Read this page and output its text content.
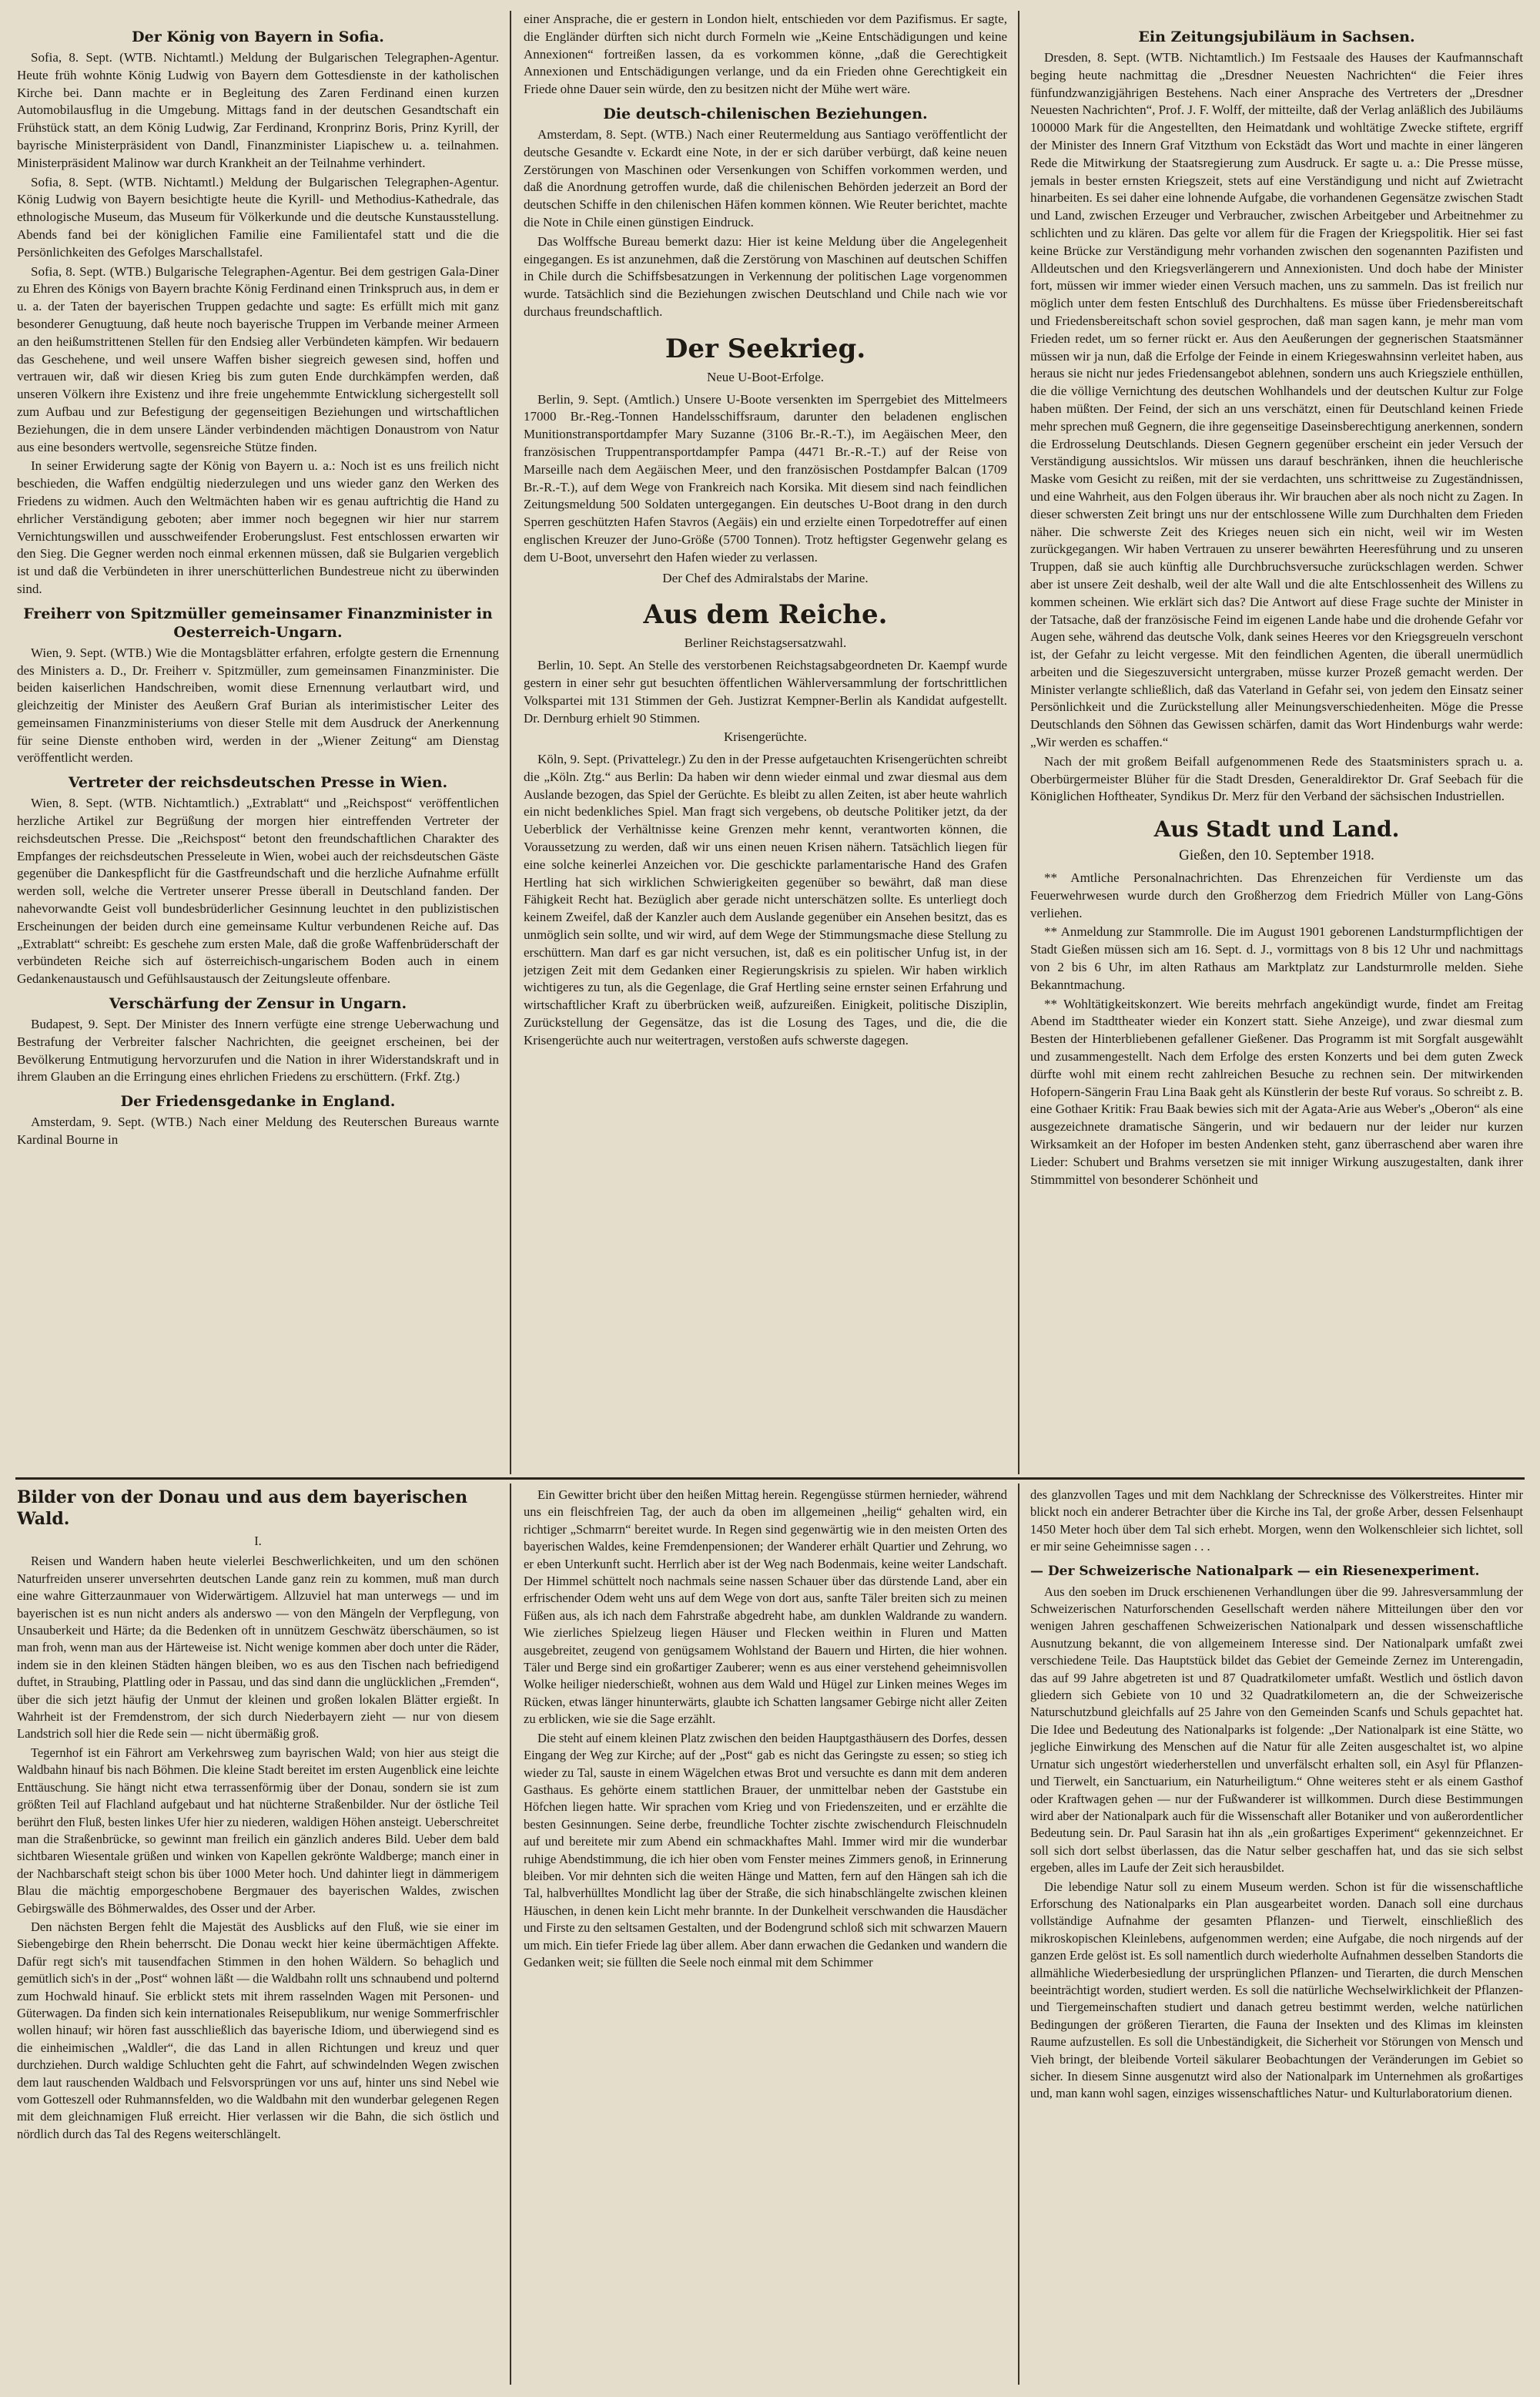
Der König von Bayern in Sofia.

Sofia, 8. Sept. (WTB. Nichtamtl.) Meldung der Bulgarischen Telegraphen-Agentur. Heute früh wohnte König Ludwig von Bayern dem Gottesdienste in der katholischen Kirche bei. Dann machte er in Begleitung des Zaren Ferdinand einen kurzen Automobilausflug in die Umgebung. Mittags fand in der deutschen Gesandtschaft ein Frühstück statt, an dem König Ludwig, Zar Ferdinand, Kronprinz Boris, Prinz Kyrill, der bayrische Ministerpräsident von Dandl, Finanzminister Liapischew u. a. teilnahmen. Ministerpräsident Malinow war durch Krankheit an der Teilnahme verhindert.

Sofia, 8. Sept. (WTB. Nichtamtl.) Meldung der Bulgarischen Telegraphen-Agentur. König Ludwig von Bayern besichtigte heute die Kyrill- und Methodius-Kathedrale, das ethnologische Museum, das Museum für Völkerkunde und die deutsche Kunstausstellung. Abends fand bei der königlichen Familie eine Familientafel statt und die die Persönlichkeiten des Gefolges Marschallstafel.

Sofia, 8. Sept. (WTB.) Bulgarische Telegraphen-Agentur. Bei dem gestrigen Gala-Diner zu Ehren des Königs von Bayern brachte König Ferdinand einen Trinkspruch aus, in dem er u. a. der Taten der bayerischen Truppen gedachte und sagte: Es erfüllt mich mit ganz besonderer Genugtuung, daß heute noch bayerische Truppen im Verbande meiner Armeen an den heißumstrittenen Stellen für den Endsieg aller Verbündeten kämpfen. Wir bedauern das Geschehene, und weil unsere Waffen bisher siegreich gewesen sind, hoffen und vertrauen wir, daß wir diesen Krieg bis zum guten Ende durchkämpfen werden, daß unseren Völkern ihre Existenz und ihre freie ungehemmte Entwicklung sichergestellt soll zum Aufbau und zur Befestigung der gegenseitigen Beziehungen und wirtschaftlichen Beziehungen, die in dem unsere Länder verbindenden mächtigen Donaustrom von Natur aus eine besonders wertvolle, segensreiche Stütze finden.

In seiner Erwiderung sagte der König von Bayern u. a.: Noch ist es uns freilich nicht beschieden, die Waffen endgültig niederzulegen und uns wieder ganz den Werken des Friedens zu widmen. Auch den Weltmächten haben wir es genau auftrichtig die Hand zu ehrlicher Verständigung geboten; aber immer noch begegnen wir hier nur starrem Vernichtungswillen und ausschweifender Eroberungslust. Fest entschlossen erwarten wir den Sieg. Die Gegner werden noch einmal erkennen müssen, daß sie Bulgarien vergeblich ist und daß die Verbündeten in ihrer unerschütterlichen Bundestreue nicht zu überwinden sind.

Freiherr von Spitzmüller gemeinsamer Finanzminister in Oesterreich-Ungarn.

Wien, 9. Sept. (WTB.) Wie die Montagsblätter erfahren, erfolgte gestern die Ernennung des Ministers a. D., Dr. Freiherr v. Spitzmüller, zum gemeinsamen Finanzminister. Die beiden kaiserlichen Handschreiben, womit diese Ernennung verlautbart wird, und gleichzeitig der Minister des Aeußern Graf Burian als interimistischer Leiter des gemeinsamen Finanzministeriums von dieser Stelle mit dem Ausdruck der Anerkennung für seine Dienste enthoben wird, werden in der „Wiener Zeitung“ am Dienstag veröffentlicht werden.

Vertreter der reichsdeutschen Presse in Wien.

Wien, 8. Sept. (WTB. Nichtamtlich.) „Extrablatt“ und „Reichspost“ veröffentlichen herzliche Artikel zur Begrüßung der morgen hier eintreffenden Vertreter der reichsdeutschen Presse. Die „Reichspost“ betont den freundschaftlichen Charakter des Empfanges der reichsdeutschen Presseleute in Wien, wobei auch der reichsdeutschen Gäste gegenüber die Dankespflicht für die Gastfreundschaft und die herzliche Aufnahme erfüllt werden soll, welche die Vertreter unserer Presse überall in Deutschland fanden. Der nahevorwandte Geist voll bundesbrüderlicher Gesinnung leuchtet in den publizistischen Erscheinungen der beiden durch eine gemeinsame Kultur verbundenen Reiche auf. Das „Extrablatt“ schreibt: Es geschehe zum ersten Male, daß die große Waffenbrüderschaft der verbündeten Reiche sich auf österreichisch-ungarischem Boden auch in einem Gedankenaustausch und Gefühlsaustausch der Zeitungsleute offenbare.

Verschärfung der Zensur in Ungarn.

Budapest, 9. Sept. Der Minister des Innern verfügte eine strenge Ueberwachung und Bestrafung der Verbreiter falscher Nachrichten, die geeignet erscheinen, bei der Bevölkerung Entmutigung hervorzurufen und die Nation in ihrer Widerstandskraft und in ihrem Glauben an die Erringung eines ehrlichen Friedens zu erschüttern. (Frkf. Ztg.)

Der Friedensgedanke in England.

Amsterdam, 9. Sept. (WTB.) Nach einer Meldung des Reuterschen Bureaus warnte Kardinal Bourne in

einer Ansprache, die er gestern in London hielt, entschieden vor dem Pazifismus. Er sagte, die Engländer dürften sich nicht durch Formeln wie „Keine Entschädigungen und keine Annexionen“ fortreißen lassen, da es vorkommen könne, „daß die Gerechtigkeit Annexionen und Entschädigungen verlange, und da ein Frieden ohne Gerechtigkeit ein Friede ohne Dauer sein würde, den zu besitzen nicht der Mühe wert wäre.

Die deutsch-chilenischen Beziehungen.

Amsterdam, 8. Sept. (WTB.) Nach einer Reutermeldung aus Santiago veröffentlicht der deutsche Gesandte v. Eckardt eine Note, in der er sich darüber verbürgt, daß keine neuen Zerstörungen von Maschinen oder Versenkungen von Schiffen vorkommen werden, und daß die Anordnung getroffen wurde, daß die chilenischen Behörden jederzeit an Bord der deutschen Schiffe in den chilenischen Häfen kommen können. Wie Reuter berichtet, machte die Note in Chile einen günstigen Eindruck.

Das Wolffsche Bureau bemerkt dazu: Hier ist keine Meldung über die Angelegenheit eingegangen. Es ist anzunehmen, daß die Zerstörung von Maschinen auf deutschen Schiffen in Chile durch die Schiffsbesatzungen in Verkennung der politischen Lage vorgenommen wurde. Tatsächlich sind die Beziehungen zwischen Deutschland und Chile nach wie vor durchaus freundschaftlich.

Der Seekrieg.
Neue U-Boot-Erfolge.

Berlin, 9. Sept. (Amtlich.) Unsere U-Boote versenkten im Sperrgebiet des Mittelmeers 17000 Br.-Reg.-Tonnen Handelsschiffsraum, darunter den beladenen englischen Munitionstransportdampfer Mary Suzanne (3106 Br.-R.-T.), im Aegäischen Meer, den französischen Truppentransportdampfer Pampa (4471 Br.-R.-T.) auf der Reise von Marseille nach dem Aegäischen Meer, und den französischen Postdampfer Balcan (1709 Br.-R.-T.), auf dem Wege von Frankreich nach Korsika. Mit diesem sind nach feindlichen Zeitungsmeldung 500 Soldaten untergegangen. Ein deutsches U-Boot drang in den durch Sperren geschützten Hafen Stavros (Aegäis) ein und erzielte einen Torpedotreffer auf einen englischen Kreuzer der Juno-Größe (5700 Tonnen). Trotz heftigster Gegenwehr gelang es dem U-Boot, unversehrt den Hafen wieder zu verlassen.

Der Chef des Admiralstabs der Marine.
Aus dem Reiche.
Berliner Reichstagsersatzwahl.

Berlin, 10. Sept. An Stelle des verstorbenen Reichstagsabgeordneten Dr. Kaempf wurde gestern in einer sehr gut besuchten öffentlichen Wählerversammlung der fortschrittlichen Volkspartei mit 131 Stimmen der Geh. Justizrat Kempner-Berlin als Kandidat aufgestellt. Dr. Dernburg erhielt 90 Stimmen.

Krisengerüchte.

Köln, 9. Sept. (Privattelegr.) Zu den in der Presse aufgetauchten Krisengerüchten schreibt die „Köln. Ztg.“ aus Berlin: Da haben wir denn wieder einmal und zwar diesmal aus dem Auslande bezogen, das Spiel der Gerüchte. Es bleibt zu allen Zeiten, ist aber heute wahrlich ein nicht bedenkliches Spiel. Man fragt sich vergebens, ob deutsche Politiker jetzt, da der Ueberblick der Verhältnisse keine Grenzen mehr kennt, verantworten können, die Voraussetzung zu werden, daß wir uns einen neuen Krisen nähern. Tatsächlich liegen für eine solche keinerlei Anzeichen vor. Die geschickte parlamentarische Hand des Grafen Hertling hat sich wirklichen Schwierigkeiten gegenüber so bewährt, daß man diese Fähigkeit Recht hat. Bezüglich aber gerade nicht unterschätzen sollte. Es unterliegt doch keinem Zweifel, daß der Kanzler auch dem Auslande gegenüber ein Ansehen besitzt, das es unmöglich sein sollte, und wir wird, auf dem Wege der Stimmungsmache diese Stellung zu erschüttern. Man darf es gar nicht versuchen, ist, daß es ein politischer Unfug ist, in der jetzigen Zeit mit dem Gedanken einer Regierungskrisis zu spielen. Wir haben wirklich wichtigeres zu tun, als die Gegenlage, die Graf Hertling seine ernster seinen Erfahrung und wirtschaftlicher Kraft zu überbrücken weiß, aufzureißen. Einigkeit, politische Disziplin, Zurückstellung der Gegensätze, das ist die Losung des Tages, und die, die die Krisengerüchte auch nur weitertragen, verstoßen aufs schwerste dagegen.

Ein Zeitungsjubiläum in Sachsen.

Dresden, 8. Sept. (WTB. Nichtamtlich.) Im Festsaale des Hauses der Kaufmannschaft beging heute nachmittag die „Dresdner Neuesten Nachrichten“ die Feier ihres fünfundzwanzigjährigen Bestehens. Nach einer Ansprache des Vertreters der „Dresdner Neuesten Nachrichten“, Prof. J. F. Wolff, der mitteilte, daß der Verlag anläßlich des Jubiläums 100000 Mark für die Angestellten, den Heimatdank und wohltätige Zwecke stiftete, ergriff der Minister des Innern Graf Vitzthum von Eckstädt das Wort und machte in einer längeren Rede die Mitwirkung der Staatsregierung zum Ausdruck. Er sagte u. a.: Die Presse müsse, jemals in bester ernsten Kriegszeit, stets auf eine Verständigung und nicht auf Zwietracht hinarbeiten. Es sei daher eine lohnende Aufgabe, die vorhandenen Gegensätze zwischen Stadt und Land, zwischen Erzeuger und Verbraucher, zwischen Arbeitgeber und Arbeitnehmer zu schlichten und zu klären. Das gelte vor allem für die Fragen der Kriegspolitik. Hier sei fast keine Brücke zur Verständigung mehr vorhanden zwischen den sogenannten Pazifisten und Alldeutschen und den Kriegsverlängerern und Annexionisten. Und doch habe der Minister fort, müssen wir immer wieder einen Versuch machen, uns zu sammeln. Das ist freilich nur möglich unter dem festen Entschluß des Durchhaltens. Es müsse über Friedensbereitschaft und Friedensbereitschaft schon soviel gesprochen, daß man sagen kann, je mehr man vom Frieden redet, um so ferner rückt er. Aus den Aeußerungen der gegnerischen Staatsmänner müssen wir ja nun, daß die Erfolge der Feinde in einem Kriegeswahnsinn verleitet haben, aus heraus sie nicht nur jedes Friedensangebot ablehnen, sondern uns auch Kriegsziele enthüllen, die die völlige Vernichtung des deutschen Wohlhandels und der deutschen Kultur zur Folge haben müßten. Der Feind, der sich an uns verschätzt, einen für Deutschland keinen Friede mehr sprechen muß Gegnern, die ihre gegenseitige Daseinsberechtigung anerkennen, sondern die Erdrosselung Deutschlands. Diesen Gegnern gegenüber erscheint ein jeder Versuch der Verständigung aussichtslos. Wir müssen uns darauf beschränken, ihnen die heuchlerische Maske vom Gesicht zu reißen, mit der sie verdachten, uns schrittweise zu Zugeständnissen, und eine Wahrheit, aus den Folgen überaus ihr. Wir brauchen aber als noch nicht zu Zagen. In dieser schwersten Zeit bringt uns nur der entschlossene Wille zum Durchhalten dem Frieden näher. Die schwerste Zeit des Krieges neuen sich ein nicht, weil wir im Westen zurückgegangen. Wir haben Vertrauen zu unserer bewährten Heeresführung und zu unseren Truppen, daß sie auch künftig alle Durchbruchsversuche zurückschlagen werden. Schwer aber ist unsere Zeit deshalb, weil der alte Wall und die alte Entschlossenheit des Willens zu kommen scheinen. Wie erklärt sich das? Die Antwort auf diese Frage suchte der Minister in der Tatsache, daß der französische Feind im eigenen Lande habe und die drohende Gefahr vor Augen sehe, während das deutsche Volk, dank seines Heeres vor den Kriegsgreueln verschont ist, der Gefahr zu leicht vergesse. Mit den feindlichen Agenten, die überall unermüdlich arbeiten und die Siegeszuversicht untergraben, müsse kurzer Prozeß gemacht werden. Der Minister verlangte schließlich, daß das Vaterland in Gefahr sei, von jedem den Einsatz seiner Persönlichkeit und die Zurückstellung aller Meinungsverschiedenheiten. Möge die Presse Deutschlands den Söhnen das Gewissen schärfen, damit das Wort Hindenburgs wahr werde: „Wir werden es schaffen.“

Nach der mit großem Beifall aufgenommenen Rede des Staatsministers sprach u. a. Oberbürgermeister Blüher für die Stadt Dresden, Generaldirektor Dr. Graf Seebach für die Königlichen Hoftheater, Syndikus Dr. Merz für den Verband der sächsischen Industriellen.

Aus Stadt und Land.
Gießen, den 10. September 1918.

** Amtliche Personalnachrichten. Das Ehrenzeichen für Verdienste um das Feuerwehrwesen wurde durch den Großherzog dem Friedrich Müller von Lang-Göns verliehen.

** Anmeldung zur Stammrolle. Die im August 1901 geborenen Landsturmpflichtigen der Stadt Gießen müssen sich am 16. Sept. d. J., vormittags von 8 bis 12 Uhr und nachmittags von 2 bis 6 Uhr, im alten Rathaus am Marktplatz zur Landsturmrolle melden. Siehe Bekanntmachung.

** Wohltätigkeitskonzert. Wie bereits mehrfach angekündigt wurde, findet am Freitag Abend im Stadttheater wieder ein Konzert statt. Siehe Anzeige), und zwar diesmal zum Besten der Hinterbliebenen gefallener Gießener. Das Programm ist mit Sorgfalt ausgewählt und zusammengestellt. Nach dem Erfolge des ersten Konzerts und bei dem guten Zweck dürfte wohl mit einem recht zahlreichen Besuche zu rechnen sein. Der mitwirkenden Hofopern-Sängerin Frau Lina Baak geht als Künstlerin der beste Ruf voraus. So schreibt z. B. eine Gothaer Kritik: Frau Baak bewies sich mit der Agata-Arie aus Weber's „Oberon“ als eine ausgezeichnete dramatische Sängerin, und wir bedauern nur der leider nur kurzen Wirksamkeit an der Hofoper im besten Andenken steht, ganz überraschend aber waren ihre Lieder: Schubert und Brahms versetzen sie mit inniger Wirkung auszugestalten, dank ihrer Stimmmittel von besonderer Schönheit und

Bilder von der Donau und aus dem bayerischen Wald.
I.

Reisen und Wandern haben heute vielerlei Beschwerlichkeiten, und um den schönen Naturfreiden unserer unversehrten deutschen Lande ganz rein zu kommen, muß man durch eine wahre Gitterzaunmauer von Widerwärtigem. Allzuviel hat man unterwegs — und im bayerischen ist es nun nicht anders als anderswo — von den Mängeln der Verpflegung, von Unsauberkeit und Härte; da die Bedenken oft in unnützem Geschwätz überschäumen, so ist man froh, wenn man aus der Härteweise ist. Nicht wenige kommen aber doch unter die Räder, indem sie in den kleinen Städten hängen bleiben, wo es aus den Tischen nach befriedigend duftet, in Straubing, Plattling oder in Passau, und das sind dann die unglücklichen „Fremden“, über die sich jetzt häufig der Unmut der kleinen und großen lokalen Blätter ergießt. In Wahrheit ist der Fremdenstrom, der sich durch Niederbayern zieht — nur von diesem Landstrich soll hier die Rede sein — nicht übermäßig groß.

Tegernhof ist ein Fährort am Verkehrsweg zum bayrischen Wald; von hier aus steigt die Waldbahn hinauf bis nach Böhmen. Die kleine Stadt bereitet im ersten Augenblick eine leichte Enttäuschung. Sie hängt nicht etwa terrassenförmig über der Donau, sondern sie ist zum größten Teil auf Flachland aufgebaut und hat nüchterne Straßenbilder. Nur der östliche Teil berührt den Fluß, besten linkes Ufer hier zu niederen, waldigen Höhen ansteigt. Ueberschreitet man die Straßenbrücke, so gewinnt man freilich ein gänzlich anderes Bild. Ueber dem bald sichtbaren Wiesentale grüßen und winken von Kapellen gekrönte Waldberge; manch einer in der Nachbarschaft steigt schon bis über 1000 Meter hoch. Und dahinter liegt in dämmerigem Blau die mächtig emporgeschobene Bergmauer des bayerischen Waldes, zwischen Gebirgswälle des Böhmerwaldes, des Osser und der Arber.

Den nächsten Bergen fehlt die Majestät des Ausblicks auf den Fluß, wie sie einer im Siebengebirge den Rhein beherrscht. Die Donau weckt hier keine übermächtigen Affekte. Dafür regt sich's mit tausendfachen Stimmen in den hohen Wäldern. So behaglich und gemütlich sich's in der „Post“ wohnen läßt — die Waldbahn rollt uns schnaubend und polternd zum Hochwald hinauf. Sie erblickt stets mit ihrem rasselnden Wagen mit Personen- und Güterwagen. Da finden sich kein internationales Reisepublikum, nur wenige Sommerfrischler wollen hinauf; wir hören fast ausschließlich das bayerische Idiom, und überwiegend sind es die einheimischen „Waldler“, die das Land in allen Richtungen und kreuz und quer durchziehen. Durch waldige Schluchten geht die Fahrt, auf schwindelnden Wegen zwischen dem laut rauschenden Waldbach und Felsvorsprüngen vor uns auf, hinter uns sind Nebel wie vom Gotteszell oder Ruhmannsfelden, wo die Waldbahn mit den wunderbar gelegenen Regen mit dem gleichnamigen Fluß erreicht. Hier verlassen wir die Bahn, die sich östlich und nördlich durch das Tal des Regens weiterschlängelt.

Ein Gewitter bricht über den heißen Mittag herein. Regengüsse stürmen hernieder, während uns ein fleischfreien Tag, der auch da oben im allgemeinen „heilig“ gehalten wird, ein richtiger „Schmarrn“ bereitet wurde. In Regen sind gegenwärtig wie in den meisten Orten des bayerischen Waldes, keine Fremdenpensionen; der Wanderer erhält Quartier und Zehrung, wo er eben Unterkunft sucht. Herrlich aber ist der Weg nach Bodenmais, keine weiter Landschaft. Der Himmel schüttelt noch nachmals seine nassen Schauer über das dürstende Land, aber ein erfrischender Odem weht uns auf dem Wege von dort aus, sanfte Täler breiten sich zu meinen Füßen aus, als ich nach dem Fahrstraße abgedreht habe, am dunklen Waldrande zu wandern. Wie zierliches Spielzeug liegen Häuser und Flecken weithin in Fluren und Matten ausgebreitet, zeugend von genügsamem Wohlstand der Bauern und Hirten, die hier wohnen. Täler und Berge sind ein großartiger Zauberer; wenn es aus einer verstehend geheimnisvollen Wolke heiliger niederschießt, wohnen aus dem Wald und Hügel zur Linken meines Weges im Rücken, etwas länger hinunterwärts, glaubte ich Schatten langsamer Gebirge nicht aller Zeiten zu erblicken, wie sie die Sage erzählt.

Die steht auf einem kleinen Platz zwischen den beiden Hauptgasthäusern des Dorfes, dessen Eingang der Weg zur Kirche; auf der „Post“ gab es nicht das Geringste zu essen; so stieg ich wieder zu Tal, sauste in einem Wägelchen etwas Brot und versuchte es dann mit dem anderen Gasthaus. Es gehörte einem stattlichen Brauer, der unmittelbar neben der Gaststube ein Höfchen liegen hatte. Wir sprachen vom Krieg und von Friedenszeiten, und er erzählte die besten Gesinnungen. Seine derbe, freundliche Tochter zischte zwischendurch Fleischnudeln auf und bereitete mir zum Abend ein schmackhaftes Mahl. Immer wird mir die wunderbar ruhige Abendstimmung, die ich hier oben vom Fenster meines Zimmers genoß, in Erinnerung bleiben. Vor mir dehnten sich die weiten Hänge und Matten, fern auf den Hängen sah ich die Tal, halbverhülltes Mondlicht lag über der Straße, die sich hinabschlängelte zwischen kleinen Häuschen, in denen kein Licht mehr brannte. In der Dunkelheit verschwanden die Hausdächer und Firste zu den seltsamen Gestalten, und der Bodengrund schloß sich mit schwarzen Mauern um mich. Ein tiefer Friede lag über allem. Aber dann erwachen die Gedanken und wandern die Gedanken weit; sie füllten die Seele noch einmal mit dem Schimmer

des glanzvollen Tages und mit dem Nachklang der Schrecknisse des Völkerstreites. Hinter mir blickt noch ein anderer Betrachter über die Kirche ins Tal, der große Arber, dessen Felsenhaupt 1450 Meter hoch über dem Tal sich erhebt. Morgen, wenn den Wolkenschleier sich lichtet, soll er mir seine Geheimnisse sagen . . .

— Der Schweizerische Nationalpark — ein Riesenexperiment.

Aus den soeben im Druck erschienenen Verhandlungen über die 99. Jahresversammlung der Schweizerischen Naturforschenden Gesellschaft werden nähere Mitteilungen über den vor wenigen Jahren geschaffenen Schweizerischen Nationalpark und dessen wissenschaftliche Ausnutzung bekannt, die von allgemeinem Interesse sind. Der Nationalpark umfaßt zwei verschiedene Teile. Das Hauptstück bildet das Gebiet der Gemeinde Zernez im Unterengadin, das auf 99 Jahre abgetreten ist und 87 Quadratkilometer umfaßt. Westlich und östlich davon gliedern sich Gebiete von 10 und 32 Quadratkilometern an, die der Schweizerische Naturschutzbund gleichfalls auf 25 Jahre von den Gemeinden Scanfs und Schuls gepachtet hat. Die Idee und Bedeutung des Nationalparks ist folgende: „Der Nationalpark ist eine Stätte, wo jegliche Einwirkung des Menschen auf die Natur für alle Zeiten ausgeschaltet ist, wo alpine Urnatur sich ungestört wiederherstellen und unverfälscht erhalten soll, ein Asyl für Pflanzen- und Tierwelt, ein Sanctuarium, ein Naturheiligtum.“ Ohne weiteres steht er als einem Gasthof oder Kraftwagen gehen — nur der Fußwanderer ist willkommen. Durch diese Bestimmungen wird aber der Nationalpark auch für die Wissenschaft aller Botaniker und von außerordentlicher Bedeutung sein. Dr. Paul Sarasin hat ihn als „ein großartiges Experiment“ gekennzeichnet. Er soll sich dort selbst überlassen, das die Natur selber geschaffen hat, und das sie sich selbst ergeben, alles im Laufe der Zeit sich herausbildet.

Die lebendige Natur soll zu einem Museum werden. Schon ist für die wissenschaftliche Erforschung des Nationalparks ein Plan ausgearbeitet worden. Danach soll eine durchaus vollständige Aufnahme der gesamten Pflanzen- und Tierwelt, einschließlich des mikroskopischen Kleinlebens, aufgenommen werden; eine Aufgabe, die noch nirgends auf der ganzen Erde gelöst ist. Es soll namentlich durch wiederholte Aufnahmen desselben Standorts die allmähliche Wiederbesiedlung der ursprünglichen Pflanzen- und Tierarten, die durch Menschen beeinträchtigt worden, studiert werden. Es soll die natürliche Wechselwirklichkeit der Pflanzen- und Tiergemeinschaften studiert und danach getreu bestimmt werden, welche natürlichen Bedingungen der größeren Tierarten, die Fauna der Insekten und des Klimas im kleinsten Raume aufzustellen. Es soll die Unbeständigkeit, die Sicherheit vor Störungen von Mensch und Vieh bringt, der bleibende Vorteil säkularer Beobachtungen der Veränderungen im Gebiet so sicher. In diesem Sinne ausgenutzt wird also der Nationalpark im Unternehmen als großartiges und, man kann wohl sagen, einziges wissenschaftliches Natur- und Kulturlaboratorium dienen.
